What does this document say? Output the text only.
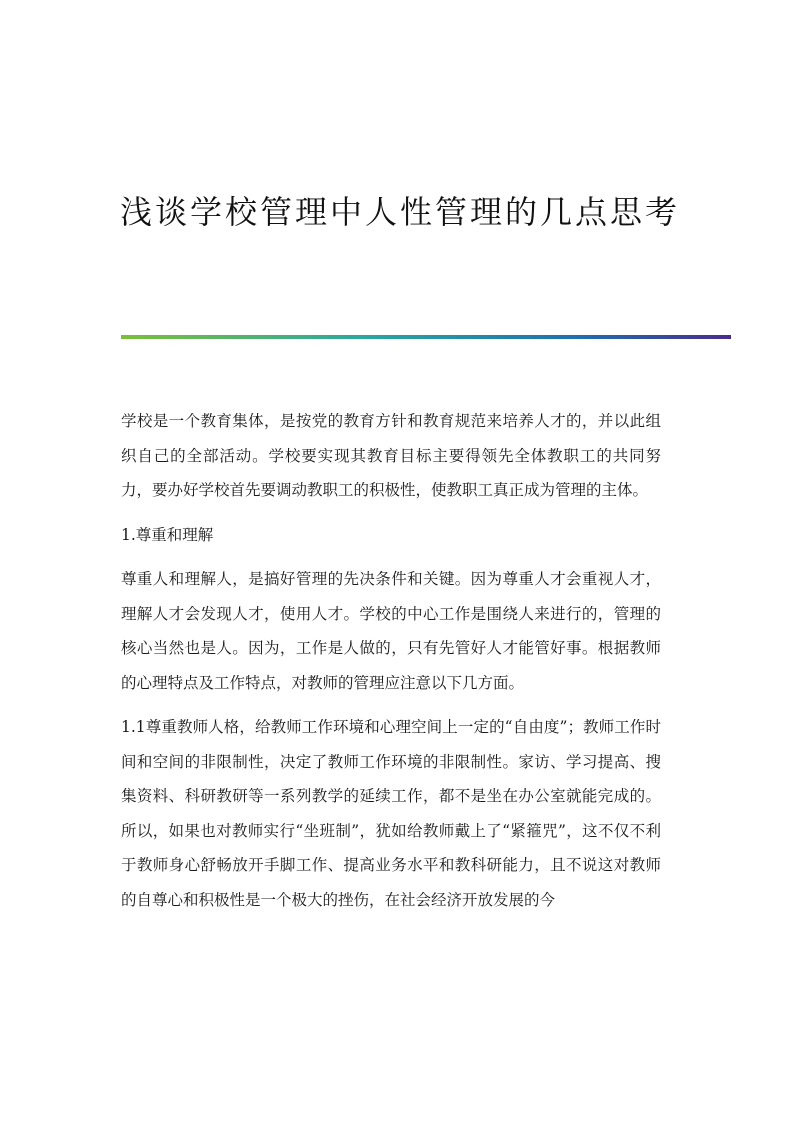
浅谈学校管理中人性管理的几点思考

学校是一个教育集体，是按党的教育方针和教育规范来培养人才的，并以此组织自己的全部活动。学校要实现其教育目标主要得领先全体教职工的共同努力，要办好学校首先要调动教职工的积极性，使教职工真正成为管理的主体。

1.尊重和理解

尊重人和理解人，是搞好管理的先决条件和关键。因为尊重人才会重视人才，理解人才会发现人才，使用人才。学校的中心工作是围绕人来进行的，管理的核心当然也是人。因为，工作是人做的，只有先管好人才能管好事。根据教师的心理特点及工作特点，对教师的管理应注意以下几方面。

1.1尊重教师人格，给教师工作环境和心理空间上一定的“自由度”；教师工作时间和空间的非限制性，决定了教师工作环境的非限制性。家访、学习提高、搜集资料、科研教研等一系列教学的延续工作，都不是坐在办公室就能完成的。所以，如果也对教师实行“坐班制”，犹如给教师戴上了“紧箍咒”，这不仅不利于教师身心舒畅放开手脚工作、提高业务水平和教科研能力，且不说这对教师的自尊心和积极性是一个极大的挫伤，在社会经济开放发展的今
